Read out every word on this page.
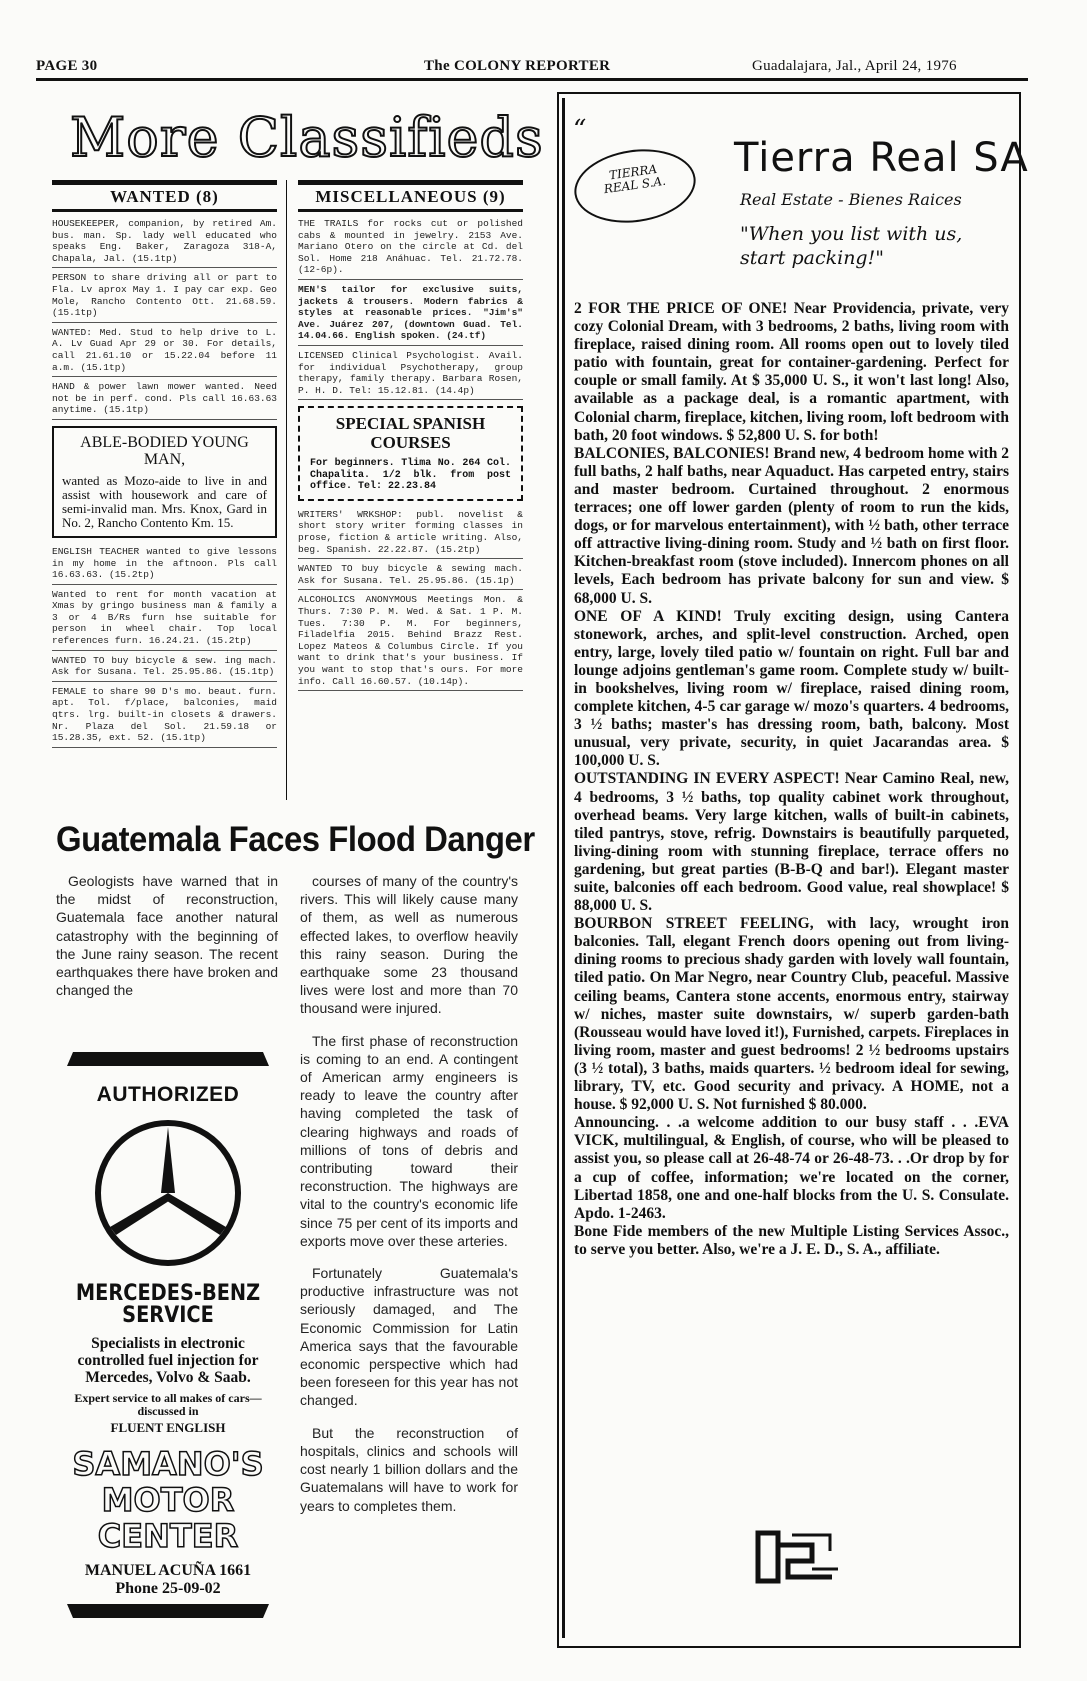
PAGE 30	The COLONY REPORTER	Guadalajara, Jal., April 24, 1976
More Classifieds
WANTED (8)

HOUSEKEEPER, companion, by retired Am. bus. man. Sp. lady well educated who speaks Eng. Baker, Zaragoza 318-A, Chapala, Jal. (15.1tp)

PERSON to share driving all or part to Fla. Lv aprox May 1. I pay car exp. Geo Mole, Rancho Contento Ott. 21.68.59. (15.1tp)

WANTED: Med. Stud to help drive to L. A. Lv Guad Apr 29 or 30. For details, call 21.61.10 or 15.22.04 before 11 a.m. (15.1tp)

HAND & power lawn mower wanted. Need not be in perf. cond. Pls call 16.63.63 anytime. (15.1tp)

ABLE-BODIED YOUNG MAN,
wanted as Mozo-aide to live in and assist with housework and care of semi-invalid man. Mrs. Knox, Gard in No. 2, Rancho Contento Km. 15.

ENGLISH TEACHER wanted to give lessons in my home in the aftnoon. Pls call 16.63.63. (15.2tp)

Wanted to rent for month vacation at Xmas by gringo business man & family a 3 or 4 B/Rs furn hse suitable for person in wheel chair. Top local references furn. 16.24.21. (15.2tp)

WANTED TO buy bicycle & sew. ing mach. Ask for Susana. Tel. 25.95.86. (15.1tp)

FEMALE to share 90 D's mo. beaut. furn. apt. Tol. f/place, balconies, maid qtrs. lrg. built-in closets & drawers. Nr. Plaza del Sol. 21.59.18 or 15.28.35, ext. 52. (15.1tp)

MISCELLANEOUS (9)

THE TRAILS for rocks cut or polished cabs & mounted in jewelry. 2153 Ave. Mariano Otero on the circle at Cd. del Sol. Home 218 Anáhuac. Tel. 21.72.78. (12-6p).

MEN'S tailor for exclusive suits, jackets & trousers. Modern fabrics & styles at reasonable prices. "Jim's" Ave. Juárez 207, (downtown Guad. Tel. 14.04.66. English spoken. (24.tf)

LICENSED Clinical Psychologist. Avail. for individual Psychotherapy, group therapy, family therapy. Barbara Rosen, P. H. D. Tel: 15.12.81. (14.4p)

SPECIAL SPANISH COURSES
For beginners. Tlima No. 264 Col. Chapalita. 1/2 blk. from post office. Tel: 22.23.84

WRITERS' WRKSHOP: publ. novelist & short story writer forming classes in prose, fiction & article writing. Also, beg. Spanish. 22.22.87. (15.2tp)

WANTED TO buy bicycle & sewing mach. Ask for Susana. Tel. 25.95.86. (15.1p)

ALCOHOLICS ANONYMOUS Meetings Mon. & Thurs. 7:30 P. M. Wed. & Sat. 1 P. M. Tues. 7:30 P. M. For beginners, Filadelfia 2015. Behind Brazz Rest. Lopez Mateos & Columbus Circle. If you want to drink that's your business. If you want to stop that's ours. For more info. Call 16.60.57. (10.14p).

Guatemala Faces Flood Danger

Geologists have warned that in the midst of reconstruction, Guatemala face another natural catastrophy with the beginning of the June rainy season. The recent earthquakes there have broken and changed the

courses of many of the country's rivers. This will likely cause many of them, as well as numerous effected lakes, to overflow heavily this rainy season. During the earthquake some 23 thousand lives were lost and more than 70 thousand were injured.

The first phase of reconstruction is coming to an end. A contingent of American army engineers is ready to leave the country after having completed the task of clearing highways and roads of millions of tons of debris and contributing toward their reconstruction. The highways are vital to the country's economic life since 75 per cent of its imports and exports move over these arteries.

Fortunately Guatemala's productive infrastructure was not seriously damaged, and The Economic Commission for Latin America says that the favourable economic perspective which had been foreseen for this year has not changed.

But the reconstruction of hospitals, clinics and schools will cost nearly 1 billion dollars and the Guatemalans will have to work for years to completes them.

AUTHORIZED
MERCEDES-BENZ SERVICE
Specialists in electronic controlled fuel injection for Mercedes, Volvo & Saab.
Expert service to all makes of cars—discussed in
FLUENT ENGLISH
SAMANO'S MOTOR CENTER
MANUEL ACUÑA 1661
Phone 25-09-02
“
TIERRA REAL S.A.
Tierra Real SA
Real Estate - Bienes Raices
"When you list with us, start packing!"

2 FOR THE PRICE OF ONE! Near Providencia, private, very cozy Colonial Dream, with 3 bedrooms, 2 baths, living room with fireplace, raised dining room. All rooms open out to lovely tiled patio with fountain, great for container-gardening. Perfect for couple or small family. At $ 35,000 U. S., it won't last long! Also, available as a package deal, is a romantic apartment, with Colonial charm, fireplace, kitchen, living room, loft bedroom with bath, 20 foot windows. $ 52,800 U. S. for both!

BALCONIES, BALCONIES! Brand new, 4 bedroom home with 2 full baths, 2 half baths, near Aquaduct. Has carpeted entry, stairs and master bedroom. Curtained throughout. 2 enormous terraces; one off lower garden (plenty of room to run the kids, dogs, or for marvelous entertainment), with ½ bath, other terrace off attractive living-dining room. Study and ½ bath on first floor. Kitchen-breakfast room (stove included). Innercom phones on all levels, Each bedroom has private balcony for sun and view. $ 68,000 U. S.

ONE OF A KIND! Truly exciting design, using Cantera stonework, arches, and split-level construction. Arched, open entry, large, lovely tiled patio w/ fountain on right. Full bar and lounge adjoins gentleman's game room. Complete study w/ built-in bookshelves, living room w/ fireplace, raised dining room, complete kitchen, 4-5 car garage w/ mozo's quarters. 4 bedrooms, 3 ½ baths; master's has dressing room, bath, balcony. Most unusual, very private, security, in quiet Jacarandas area. $ 100,000 U. S.

OUTSTANDING IN EVERY ASPECT! Near Camino Real, new, 4 bedrooms, 3 ½ baths, top quality cabinet work throughout, overhead beams. Very large kitchen, walls of built-in cabinets, tiled pantrys, stove, refrig. Downstairs is beautifully parqueted, living-dining room with stunning fireplace, terrace offers no gardening, but great parties (B-B-Q and bar!). Elegant master suite, balconies off each bedroom. Good value, real showplace! $ 88,000 U. S.

BOURBON STREET FEELING, with lacy, wrought iron balconies. Tall, elegant French doors opening out from living-dining rooms to precious shady garden with lovely wall fountain, tiled patio. On Mar Negro, near Country Club, peaceful. Massive ceiling beams, Cantera stone accents, enormous entry, stairway w/ niches, master suite downstairs, w/ superb garden-bath (Rousseau would have loved it!), Furnished, carpets. Fireplaces in living room, master and guest bedrooms! 2 ½ bedrooms upstairs (3 ½ total), 3 baths, maids quarters. ½ bedroom ideal for sewing, library, TV, etc. Good security and privacy. A HOME, not a house. $ 92,000 U. S. Not furnished $ 80.000.

Announcing. . .a welcome addition to our busy staff . . .EVA VICK, multilingual, & English, of course, who will be pleased to assist you, so please call at 26-48-74 or 26-48-73. . .Or drop by for a cup of coffee, information; we're located on the corner, Libertad 1858, one and one-half blocks from the U. S. Consulate. Apdo. 1-2463.

Bone Fide members of the new Multiple Listing Services Assoc., to serve you better. Also, we're a J. E. D., S. A., affiliate.
